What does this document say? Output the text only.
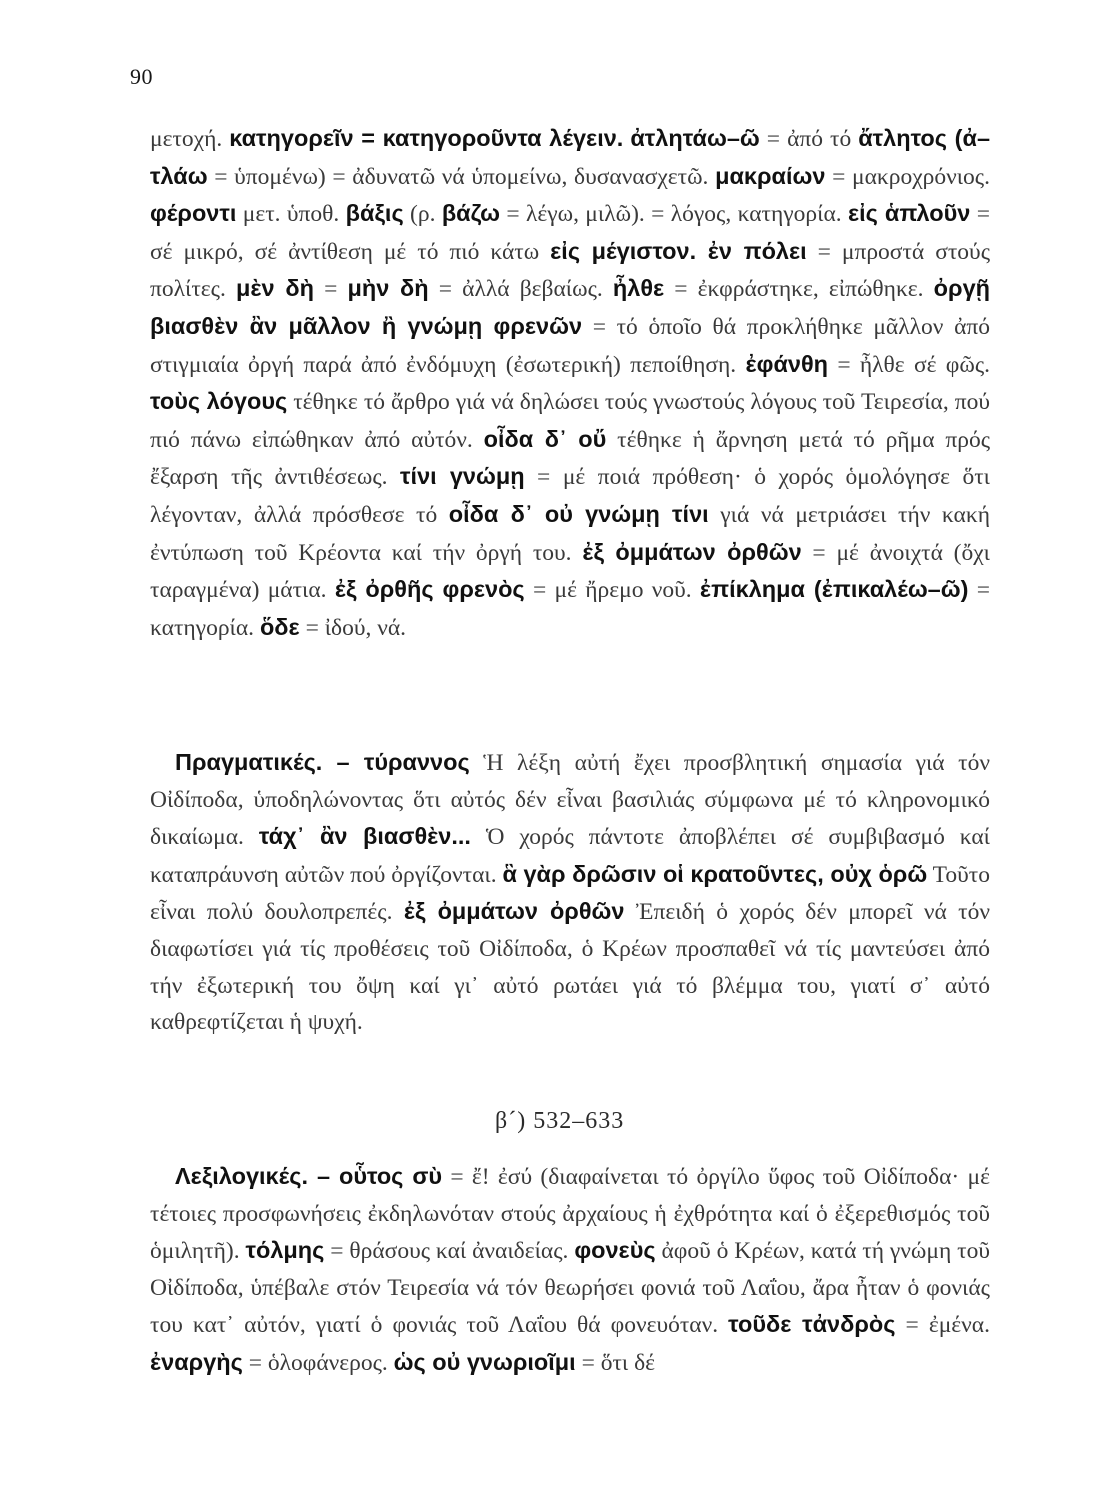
90

μετοχή. κατηγορεῖν = κατηγοροῦντα λέγειν. ἀτλητάω–ῶ = ἀπό τό ἄτλητος (ἀ–τλάω = ὑπομένω) = ἀδυνατῶ νά ὑπομείνω, δυσανασχετῶ. μακραίων = μακροχρόνιος. φέροντι μετ. ὑποθ. βάξις (ρ. βάζω = λέγω, μιλῶ). = λόγος, κατηγορία. εἰς ἁπλοῦν = σέ μικρό, σέ ἀντίθεση μέ τό πιό κάτω εἰς μέγιστον. ἐν πόλει = μπροστά στούς πολίτες. μὲν δὴ = μὴν δὴ = ἀλλά βεβαίως. ἦλθε = ἐκφράστηκε, εἰπώθηκε. ὀργῇ βιασθὲν ἂν μᾶλλον ἢ γνώμῃ φρενῶν = τό ὁποῖο θά προκλήθηκε μᾶλλον ἀπό στιγμιαία ὀργή παρά ἀπό ἐνδόμυχη (ἐσωτερική) πεποίθηση. ἐφάνθη = ἦλθε σέ φῶς. τοὺς λόγους τέθηκε τό ἄρθρο γιά νά δηλώσει τούς γνωστούς λόγους τοῦ Τειρεσία, πού πιό πάνω εἰπώθηκαν ἀπό αὐτόν. οἶδα δ᾽ οὔ τέθηκε ἡ ἄρνηση μετά τό ρῆμα πρός ἔξαρση τῆς ἀντιθέσεως. τίνι γνώμῃ = μέ ποιά πρόθεση· ὁ χορός ὁμολόγησε ὅτι λέγονταν, ἀλλά πρόσθεσε τό οἶδα δ᾽ οὐ γνώμῃ τίνι γιά νά μετριάσει τήν κακή ἐντύπωση τοῦ Κρέοντα καί τήν ὀργή του. ἐξ ὀμμάτων ὀρθῶν = μέ ἀνοιχτά (ὄχι ταραγμένα) μάτια. ἐξ ὀρθῆς φρενὸς = μέ ἤρεμο νοῦ. ἐπίκλημα (ἐπικαλέω–ῶ) = κατηγορία. ὅδε = ἰδού, νά.

Πραγματικές. – τύραννος Ἡ λέξη αὐτή ἔχει προσβλητική σημασία γιά τόν Οἰδίποδα, ὑποδηλώνοντας ὅτι αὐτός δέν εἶναι βασιλιάς σύμφωνα μέ τό κληρονομικό δικαίωμα. τάχ᾽ ἂν βιασθὲν... Ὁ χορός πάντοτε ἀποβλέπει σέ συμβιβασμό καί καταπράυνση αὐτῶν πού ὀργίζονται. ἃ γὰρ δρῶσιν οἱ κρατοῦντες, οὐχ ὁρῶ Τοῦτο εἶναι πολύ δουλοπρεπές. ἐξ ὀμμάτων ὀρθῶν Ἐπειδή ὁ χορός δέν μπορεῖ νά τόν διαφωτίσει γιά τίς προθέσεις τοῦ Οἰδίποδα, ὁ Κρέων προσπαθεῖ νά τίς μαντεύσει ἀπό τήν ἐξωτερική του ὄψη καί γι᾽ αὐτό ρωτάει γιά τό βλέμμα του, γιατί σ᾽ αὐτό καθρεφτίζεται ἡ ψυχή.

β´) 532–633

Λεξιλογικές. – οὗτος σὺ = ἔ! ἐσύ (διαφαίνεται τό ὀργίλο ὕφος τοῦ Οἰδίποδα· μέ τέτοιες προσφωνήσεις ἐκδηλωνόταν στούς ἀρχαίους ἡ ἐχθρότητα καί ὁ ἐξερεθισμός τοῦ ὁμιλητῆ). τόλμης = θράσους καί ἀναιδείας. φονεὺς ἀφοῦ ὁ Κρέων, κατά τή γνώμη τοῦ Οἰδίποδα, ὑπέβαλε στόν Τειρεσία νά τόν θεωρήσει φονιά τοῦ Λαΐου, ἄρα ἦταν ὁ φονιάς του κατ᾽ αὐτόν, γιατί ὁ φονιάς τοῦ Λαΐου θά φονευόταν. τοῦδε τἀνδρὸς = ἐμένα. ἐναργὴς = ὁλοφάνερος. ὡς οὐ γνωριοῖμι = ὅτι δέ
